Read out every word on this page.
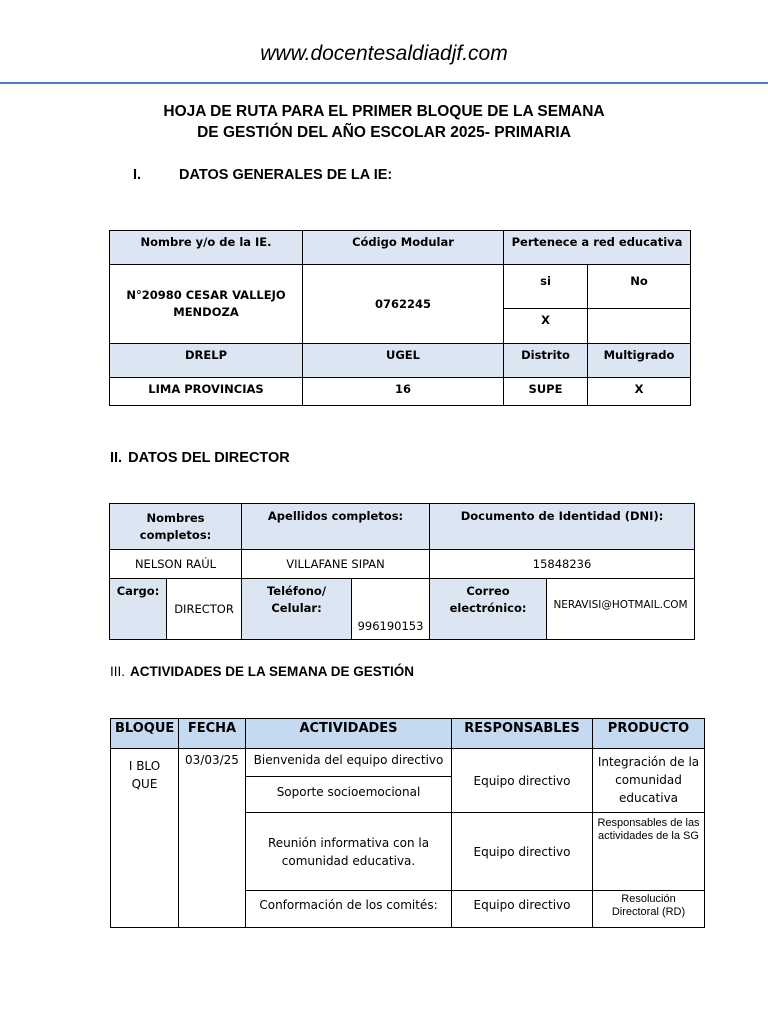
www.docentesaldiadjf.com
HOJA DE RUTA PARA EL PRIMER BLOQUE DE LA SEMANA
DE GESTIÓN DEL AÑO ESCOLAR 2025- PRIMARIA
I.	DATOS GENERALES DE LA IE:
Nombre y/o de la IE.	Código Modular	Pertenece a red educativa	
N°20980 CESAR VALLEJO MENDOZA	0762245	si	No
		X	
DRELP	UGEL	Distrito	Multigrado
LIMA PROVINCIAS	16	SUPE	X
II. DATOS DEL DIRECTOR
Nombres completos:		Apellidos completos:		Documento de Identidad (DNI):	
NELSON RAÚL		VILLAFANE SIPAN		15848236	
Cargo:	DIRECTOR	Teléfono/ Celular:	996190153	Correo electrónico:	NERAVISI@HOTMAIL.COM
III. ACTIVIDADES DE LA SEMANA DE GESTIÓN
BLOQUE	FECHA	ACTIVIDADES	RESPONSABLES	PRODUCTO
I BLOQUE	03/03/25	Bienvenida del equipo directivo	Equipo directivo	Integración de la comunidad educativa
		Soporte socioemocional		
		Reunión informativa con la comunidad educativa.	Equipo directivo	Responsables de las actividades de la SG
		Conformación de los comités:	Equipo directivo	Resolución Directoral (RD)
